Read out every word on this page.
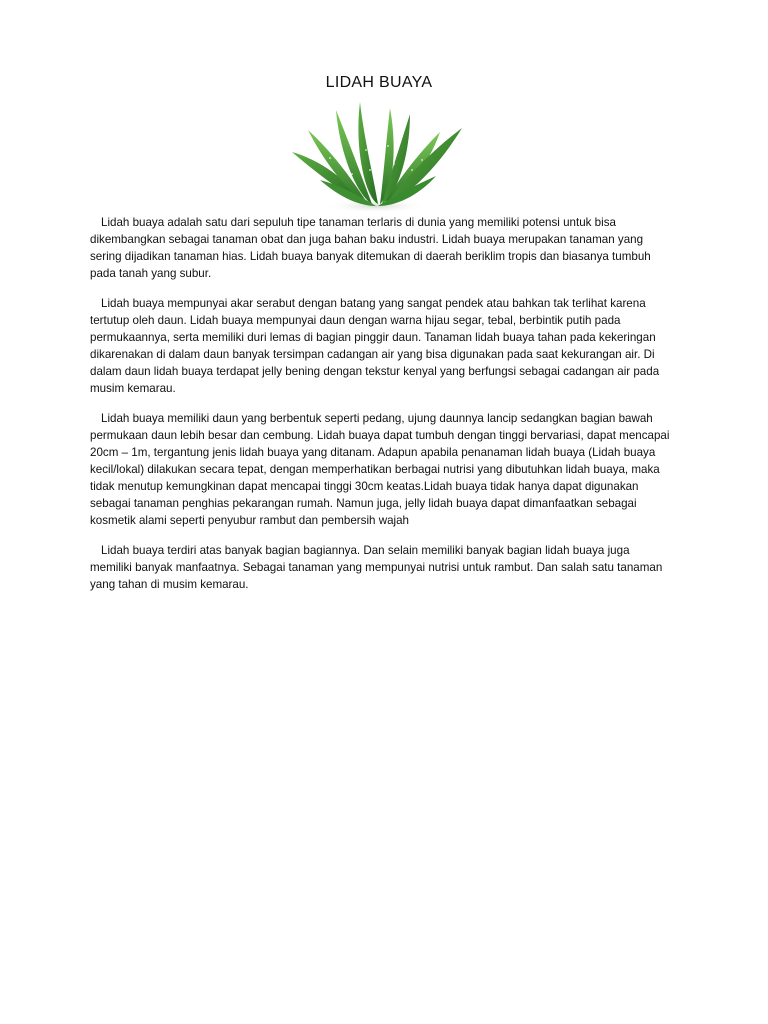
LIDAH BUAYA

Lidah buaya adalah satu dari sepuluh tipe tanaman terlaris di dunia yang memiliki potensi untuk bisa dikembangkan sebagai tanaman obat dan juga bahan baku industri. Lidah buaya merupakan tanaman yang sering dijadikan tanaman hias. Lidah buaya banyak ditemukan di daerah beriklim tropis dan biasanya tumbuh pada tanah yang subur.

Lidah buaya mempunyai akar serabut dengan batang yang sangat pendek atau bahkan tak terlihat karena tertutup oleh daun. Lidah buaya mempunyai daun dengan warna hijau segar, tebal, berbintik putih pada permukaannya, serta memiliki duri lemas di bagian pinggir daun. Tanaman lidah buaya tahan pada kekeringan dikarenakan di dalam daun banyak tersimpan cadangan air yang bisa digunakan pada saat kekurangan air. Di dalam daun lidah buaya terdapat jelly bening dengan tekstur kenyal yang berfungsi sebagai cadangan air pada musim kemarau.

Lidah buaya memiliki daun yang berbentuk seperti pedang, ujung daunnya lancip sedangkan bagian bawah permukaan daun lebih besar dan cembung. Lidah buaya dapat tumbuh dengan tinggi bervariasi, dapat mencapai 20cm – 1m, tergantung jenis lidah buaya yang ditanam. Adapun apabila penanaman lidah buaya (Lidah buaya kecil/lokal) dilakukan secara tepat, dengan memperhatikan berbagai nutrisi yang dibutuhkan lidah buaya, maka tidak menutup kemungkinan dapat mencapai tinggi 30cm keatas.Lidah buaya tidak hanya dapat digunakan sebagai tanaman penghias pekarangan rumah. Namun juga, jelly lidah buaya dapat dimanfaatkan sebagai kosmetik alami seperti penyubur rambut dan pembersih wajah

Lidah buaya terdiri atas banyak bagian bagiannya. Dan selain memiliki banyak bagian lidah buaya juga memiliki banyak manfaatnya. Sebagai tanaman yang mempunyai nutrisi untuk rambut. Dan salah satu tanaman yang tahan di musim kemarau.
